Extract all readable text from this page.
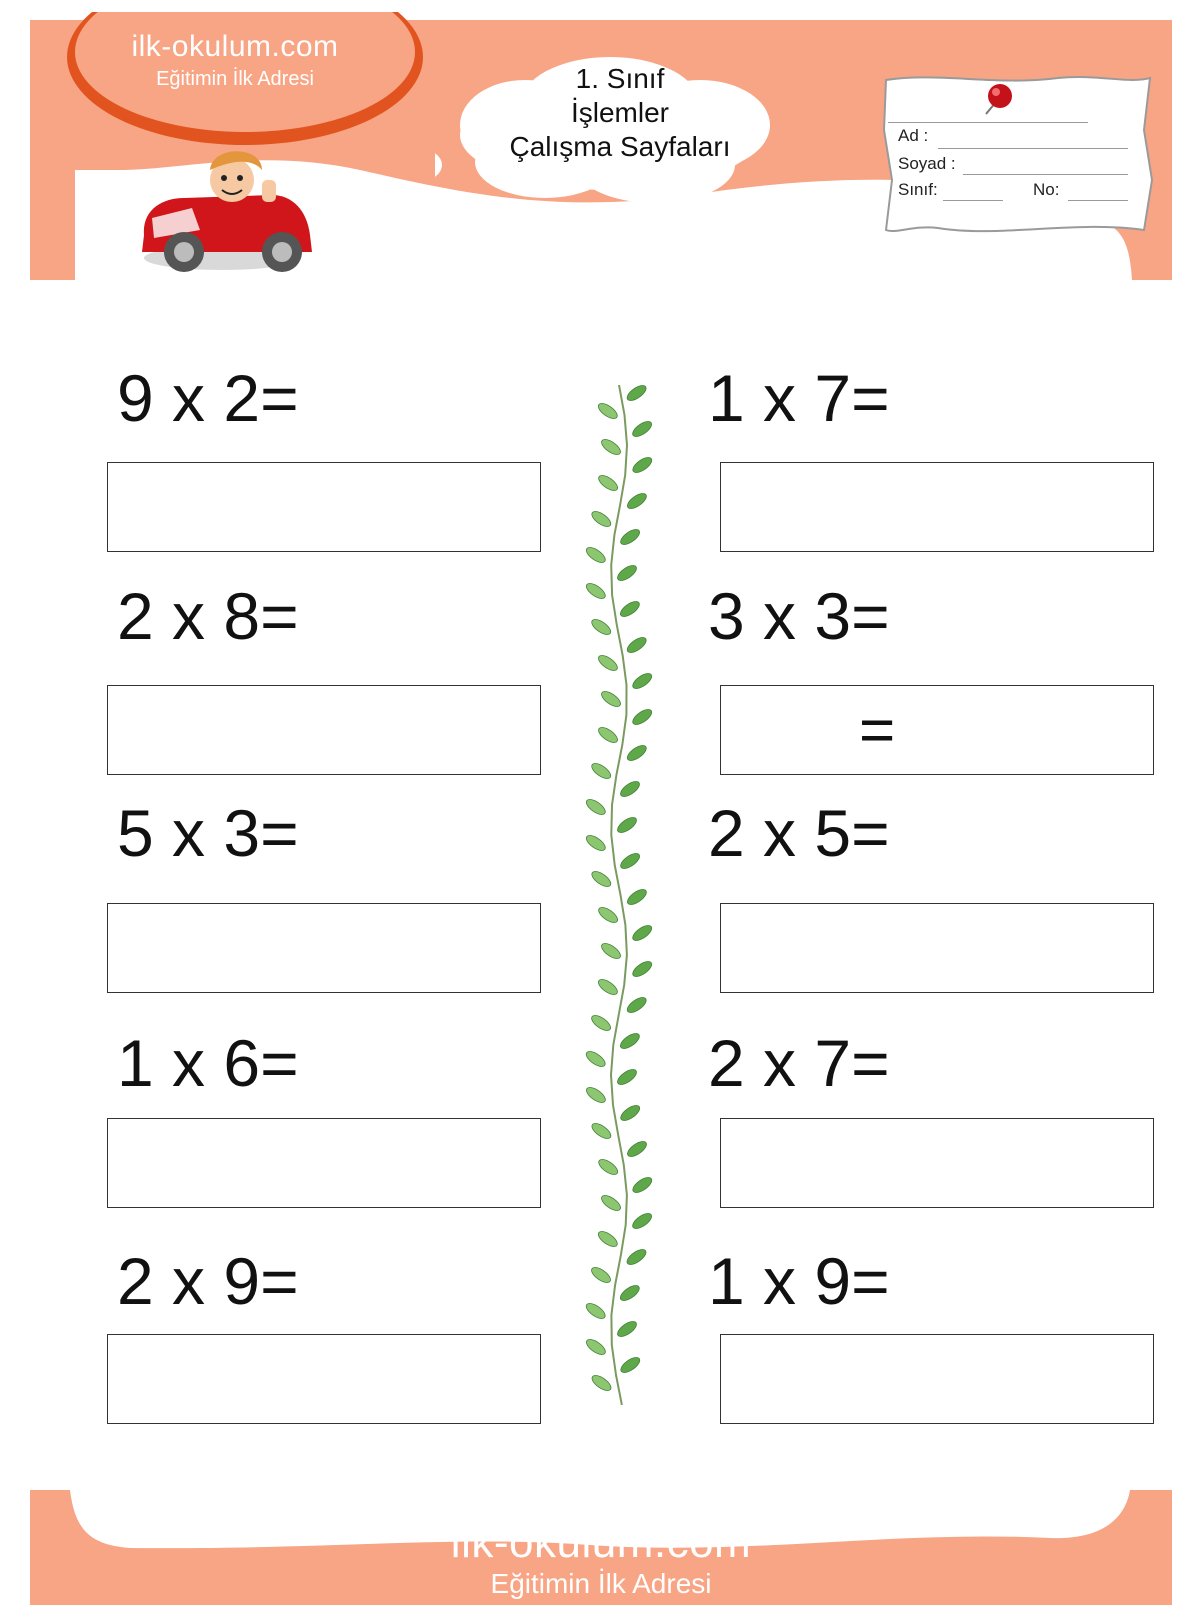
ilk-okulum.com
Eğitimin İlk Adresi	1. Sınıf
İşlemler
Çalışma Sayfaları	Ad :
Soyad :
Sınıf:	No:
9 x 2=
2 x 8=
5 x 3=
1 x 6=
2 x 9=
1 x 7=
3 x 3=
=
2 x 5=
2 x 7=
1 x 9=
ilk-okulum.com
Eğitimin İlk Adresi
